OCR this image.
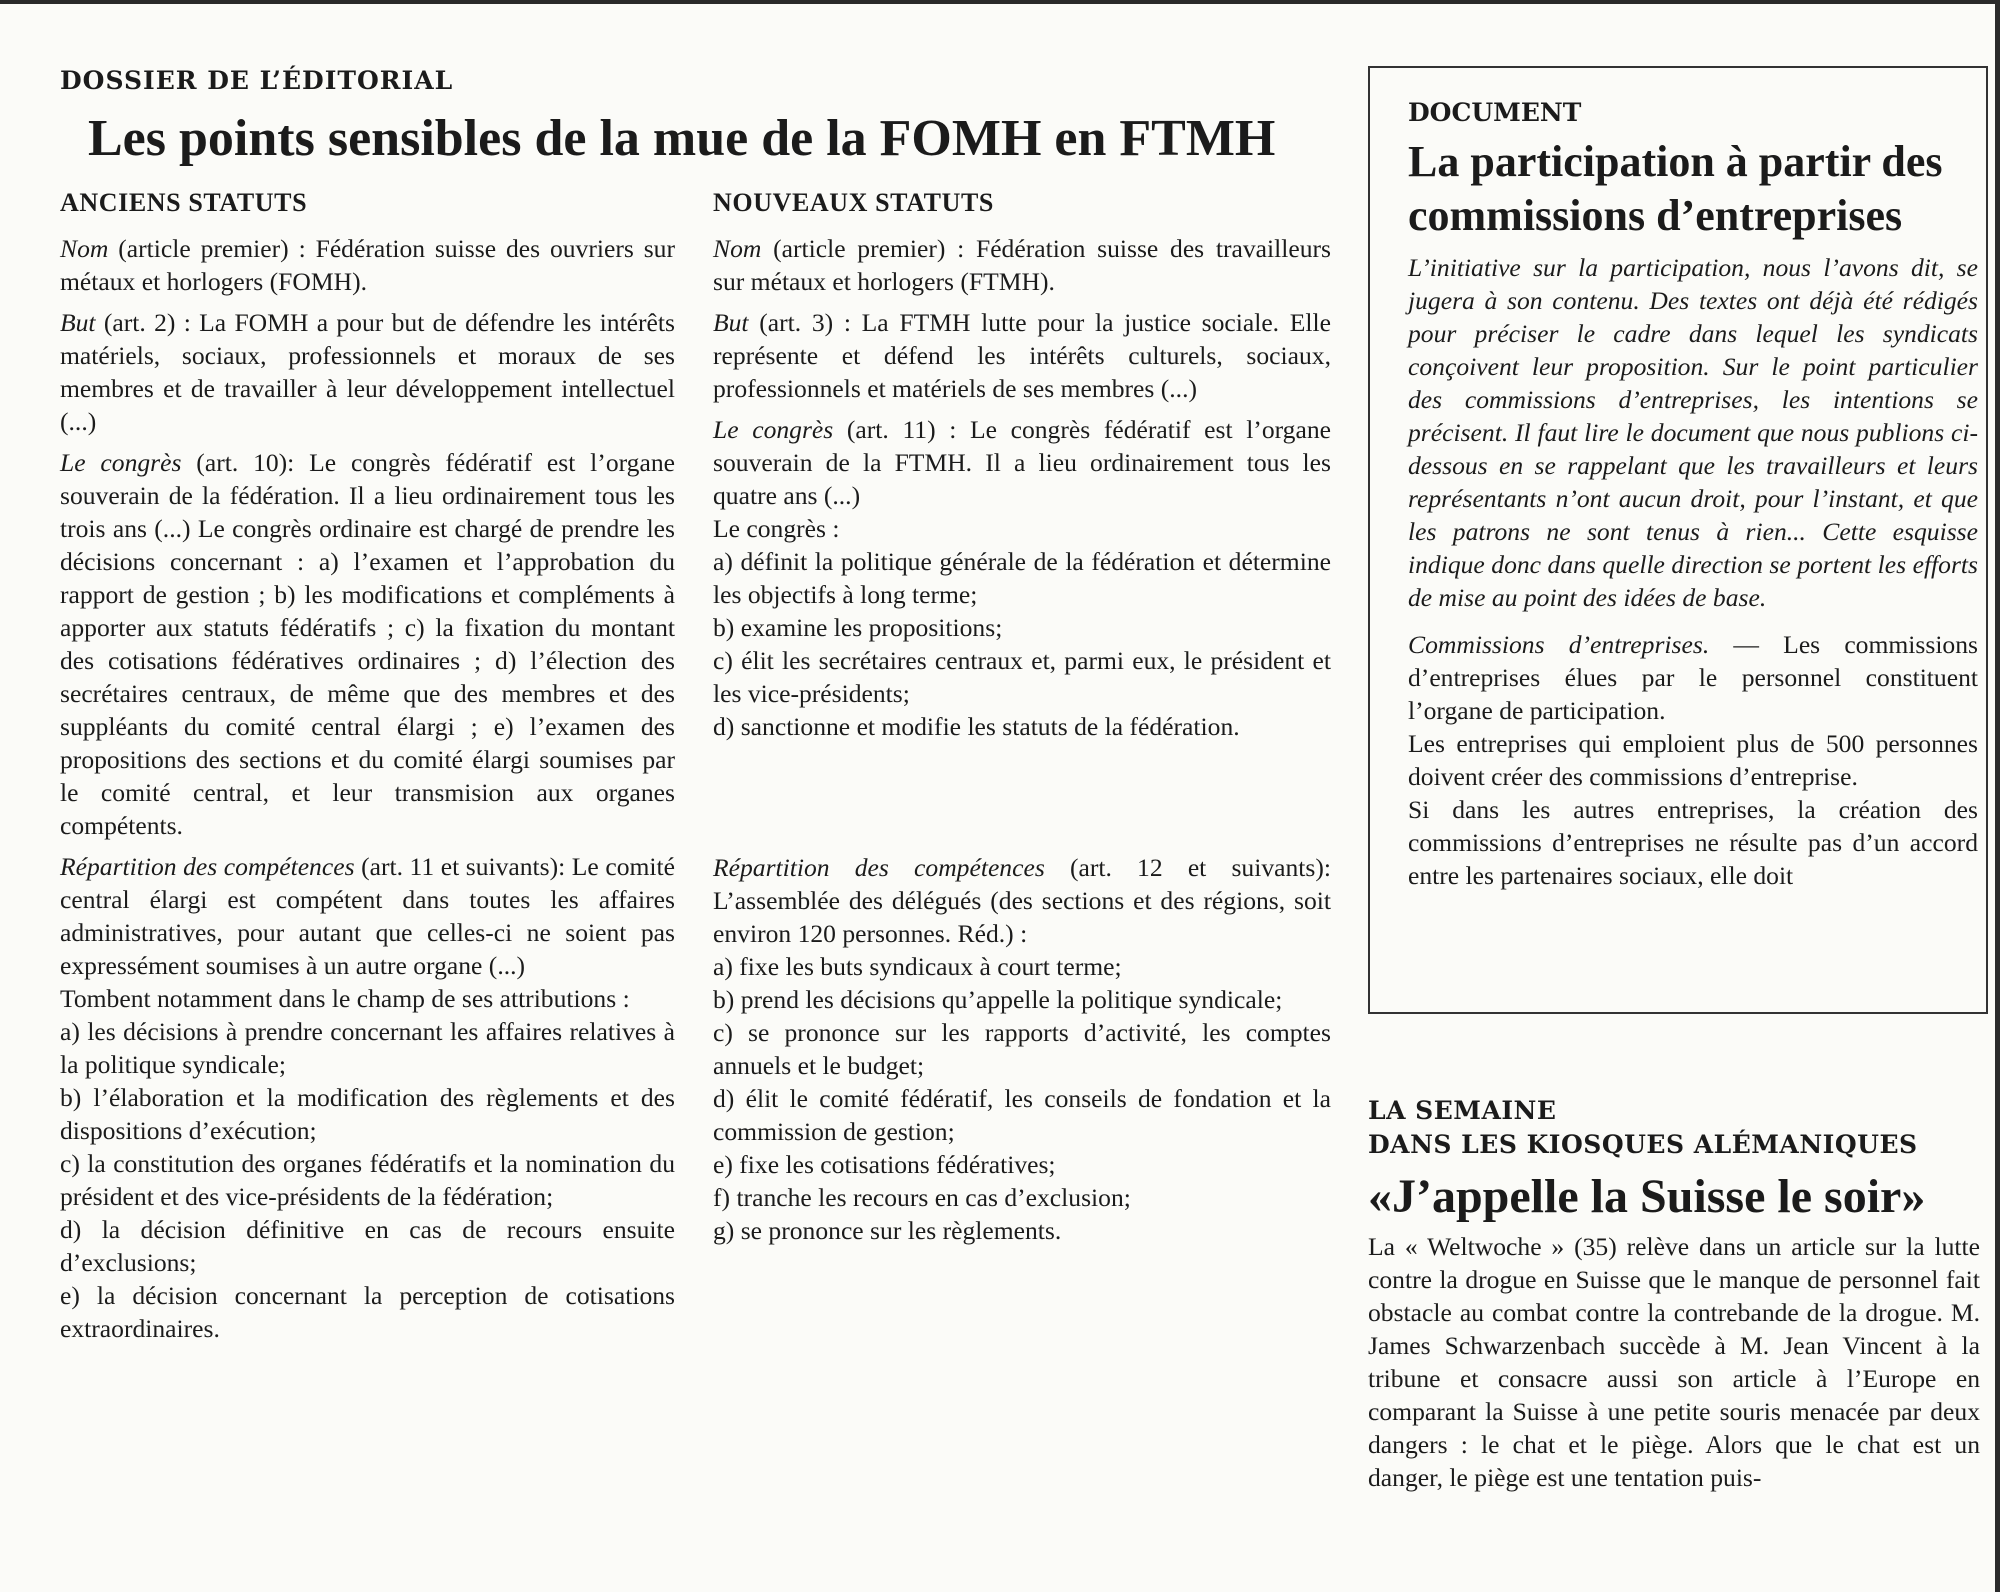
DOSSIER DE L’ÉDITORIAL
Les points sensibles de la mue de la FOMH en FTMH
ANCIENS STATUTS

Nom (article premier) : Fédération suisse des ouvriers sur métaux et horlogers (FOMH).

But (art. 2) : La FOMH a pour but de défendre les intérêts matériels, sociaux, professionnels et moraux de ses membres et de travailler à leur développement intellectuel (...)

Le congrès (art. 10): Le congrès fédératif est l’organe souverain de la fédération. Il a lieu ordinairement tous les trois ans (...) Le congrès ordinaire est chargé de prendre les décisions concernant : a) l’examen et l’approbation du rapport de gestion ; b) les modifications et compléments à apporter aux statuts fédératifs ; c) la fixation du montant des cotisations fédératives ordinaires ; d) l’élection des secrétaires centraux, de même que des membres et des suppléants du comité central élargi ; e) l’examen des propositions des sections et du comité élargi soumises par le comité central, et leur transmision aux organes compétents.

Répartition des compétences (art. 11 et suivants): Le comité central élargi est compétent dans toutes les affaires administratives, pour autant que celles-ci ne soient pas expressément soumises à un autre organe (...)

Tombent notamment dans le champ de ses attributions :
a) les décisions à prendre concernant les affaires relatives à la politique syndicale;
b) l’élaboration et la modification des règlements et des dispositions d’exécution;
c) la constitution des organes fédératifs et la nomination du président et des vice-présidents de la fédération;
d) la décision définitive en cas de recours ensuite d’exclusions;
e) la décision concernant la perception de cotisations extraordinaires.
NOUVEAUX STATUTS

Nom (article premier) : Fédération suisse des travailleurs sur métaux et horlogers (FTMH).

But (art. 3) : La FTMH lutte pour la justice sociale. Elle représente et défend les intérêts culturels, sociaux, professionnels et matériels de ses membres (...)

Le congrès (art. 11) : Le congrès fédératif est l’organe souverain de la FTMH. Il a lieu ordinairement tous les quatre ans (...)

Le congrès :
a) définit la politique générale de la fédération et détermine les objectifs à long terme;
b) examine les propositions;
c) élit les secrétaires centraux et, parmi eux, le président et les vice-présidents;
d) sanctionne et modifie les statuts de la fédération.

Répartition des compétences (art. 12 et suivants): L’assemblée des délégués (des sections et des régions, soit environ 120 personnes. Réd.) :

a) fixe les buts syndicaux à court terme;
b) prend les décisions qu’appelle la politique syndicale;
c) se prononce sur les rapports d’activité, les comptes annuels et le budget;
d) élit le comité fédératif, les conseils de fondation et la commission de gestion;
e) fixe les cotisations fédératives;
f) tranche les recours en cas d’exclusion;
g) se prononce sur les règlements.
DOCUMENT
La participation à partir des
commissions d’entreprises

L’initiative sur la participation, nous l’avons dit, se jugera à son contenu. Des textes ont déjà été rédigés pour préciser le cadre dans lequel les syndicats conçoivent leur proposition. Sur le point particulier des commissions d’entreprises, les intentions se précisent. Il faut lire le document que nous publions ci-dessous en se rappelant que les travailleurs et leurs représentants n’ont aucun droit, pour l’instant, et que les patrons ne sont tenus à rien... Cette esquisse indique donc dans quelle direction se portent les efforts de mise au point des idées de base.

Commissions d’entreprises. — Les commissions d’entreprises élues par le personnel constituent l’organe de participation.

Les entreprises qui emploient plus de 500 personnes doivent créer des commissions d’entreprise.

Si dans les autres entreprises, la création des commissions d’entreprises ne résulte pas d’un accord entre les partenaires sociaux, elle doit

LA SEMAINE
DANS LES KIOSQUES ALÉMANIQUES
«J’appelle la Suisse le soir»

La « Weltwoche » (35) relève dans un article sur la lutte contre la drogue en Suisse que le manque de personnel fait obstacle au combat contre la contrebande de la drogue. M. James Schwarzenbach succède à M. Jean Vincent à la tribune et consacre aussi son article à l’Europe en comparant la Suisse à une petite souris menacée par deux dangers : le chat et le piège. Alors que le chat est un danger, le piège est une tentation puis-
